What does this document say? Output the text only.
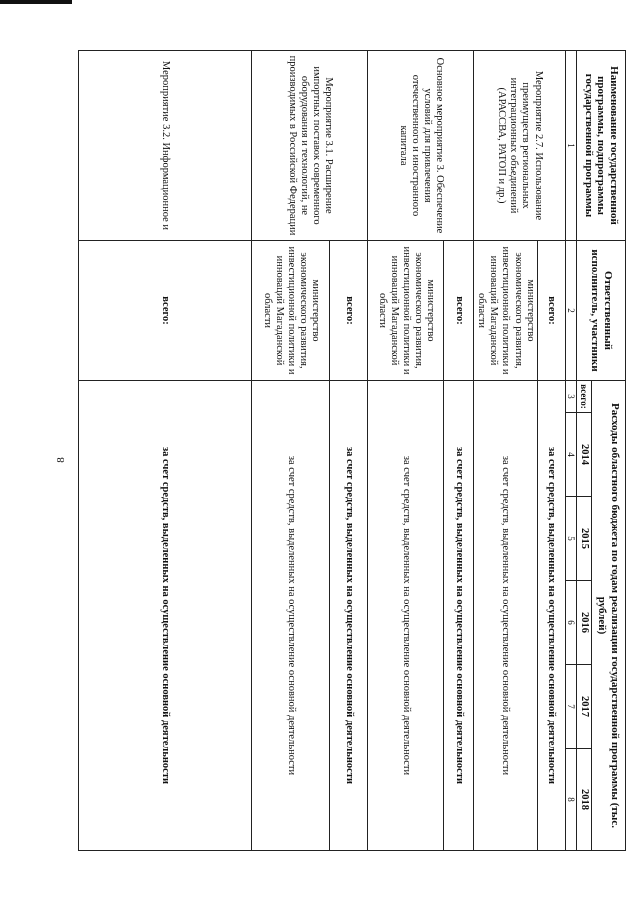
8
Наименование государственной программы, подпрограммы государственной программы	Ответственный исполнитель, участники	Расходы областного бюджета по годам реализации государственной программы (тыс. рублей)					
		всего:	2014	2015	2016	2017	2018
1	2	3	4	5	6	7	8
Мероприятие 2.7. Использование преимуществ региональных интеграционных объединений (АРАССВА, РАТОП и др.)	всего:	за счет средств, выделенных на осуществление основной деятельности					
	министерство экономического развития, инвестиционной политики и инноваций Магаданской области	за счет средств, выделенных на осуществление основной деятельности					
Основное мероприятие 3. Обеспечение условий для привлечения отечественного и иностранного капитала	всего:	за счет средств, выделенных на осуществление основной деятельности					
	министерство экономического развития, инвестиционной политики и инноваций Магаданской области	за счет средств, выделенных на осуществление основной деятельности					
Мероприятие 3.1. Расширение импортных поставок современного оборудования и технологий, не производимых в Российской Федерации	всего:	за счет средств, выделенных на осуществление основной деятельности					
	министерство экономического развития, инвестиционной политики и инноваций Магаданской области	за счет средств, выделенных на осуществление основной деятельности					
Мероприятие 3.2. Информационное и	всего:	за счет средств, выделенных на осуществление основной деятельности					
